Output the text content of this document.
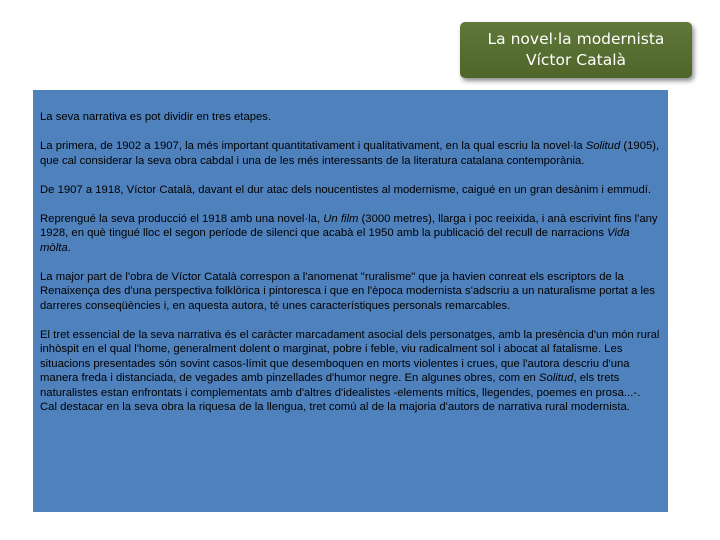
La novel·la modernista
Víctor Català

La seva narrativa es pot dividir en tres etapes.

La primera, de 1902 a 1907, la més important quantitativament i qualitativament, en la qual escriu la novel·la Solitud (1905), que cal considerar la seva obra cabdal i una de les més interessants de la literatura catalana contemporània.

De 1907 a 1918, Víctor Català, davant el dur atac dels noucentistes al modernisme, caigué en un gran desànim i emmudí.

Reprengué la seva producció el 1918 amb una novel·la, Un film (3000 metres), llarga i poc reeixida, i anà escrivint fins l'any 1928, en què tingué lloc el segon període de silenci que acabà el 1950 amb la publicació del recull de narracions Vida mòlta.

La major part de l'obra de Víctor Català correspon a l'anomenat "ruralisme" que ja havien conreat els escriptors de la Renaixença des d'una perspectiva folklòrica i pintoresca i que en l'època modernista s'adscriu a un naturalisme portat a les darreres conseqüències i, en aquesta autora, té unes característiques personals remarcables.

El tret essencial de la seva narrativa és el caràcter marcadament asocial dels personatges, amb la presència d'un món rural inhòspit en el qual l'home, generalment dolent o marginat, pobre i feble, viu radicalment sol i abocat al fatalisme. Les situacions presentades són sovint casos-límit que desemboquen en morts violentes i crues, que l'autora descriu d'una manera freda i distanciada, de vegades amb pinzellades d'humor negre. En algunes obres, com en Solitud, els trets naturalistes estan enfrontats i complementats amb d'altres d'idealistes -elements mítics, llegendes, poemes en prosa...-. Cal destacar en la seva obra la riquesa de la llengua, tret comú al de la majoria d'autors de narrativa rural modernista.
